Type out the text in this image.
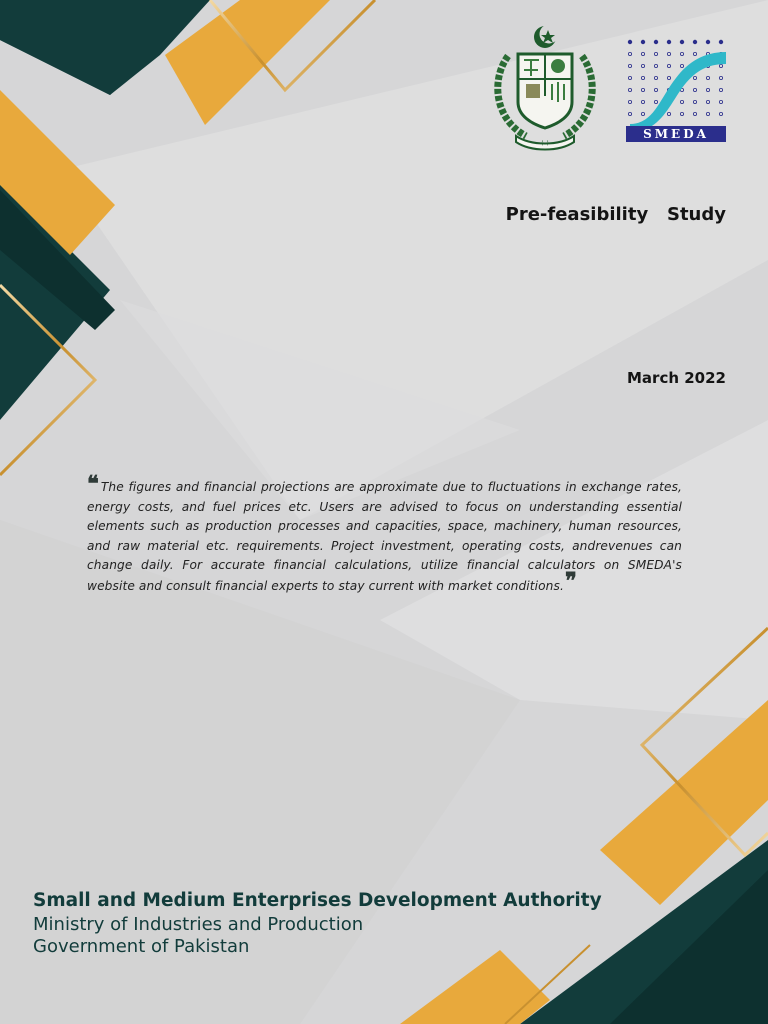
﴾ ﴿
SMEDA
Pre-feasibility   Study
March 2022
❝ The figures and financial projections are approximate due to fluctuations in exchange rates, energy costs, and fuel prices etc. Users are advised to focus on understanding essential elements such as production processes and capacities, space, machinery, human resources, and raw material etc. requirements. Project investment, operating costs, andrevenues can change daily. For accurate financial calculations, utilize financial calculators on SMEDA's website and consult financial experts to stay current with market conditions.❞
Small and Medium Enterprises Development Authority
Ministry of Industries and Production
Government of Pakistan
